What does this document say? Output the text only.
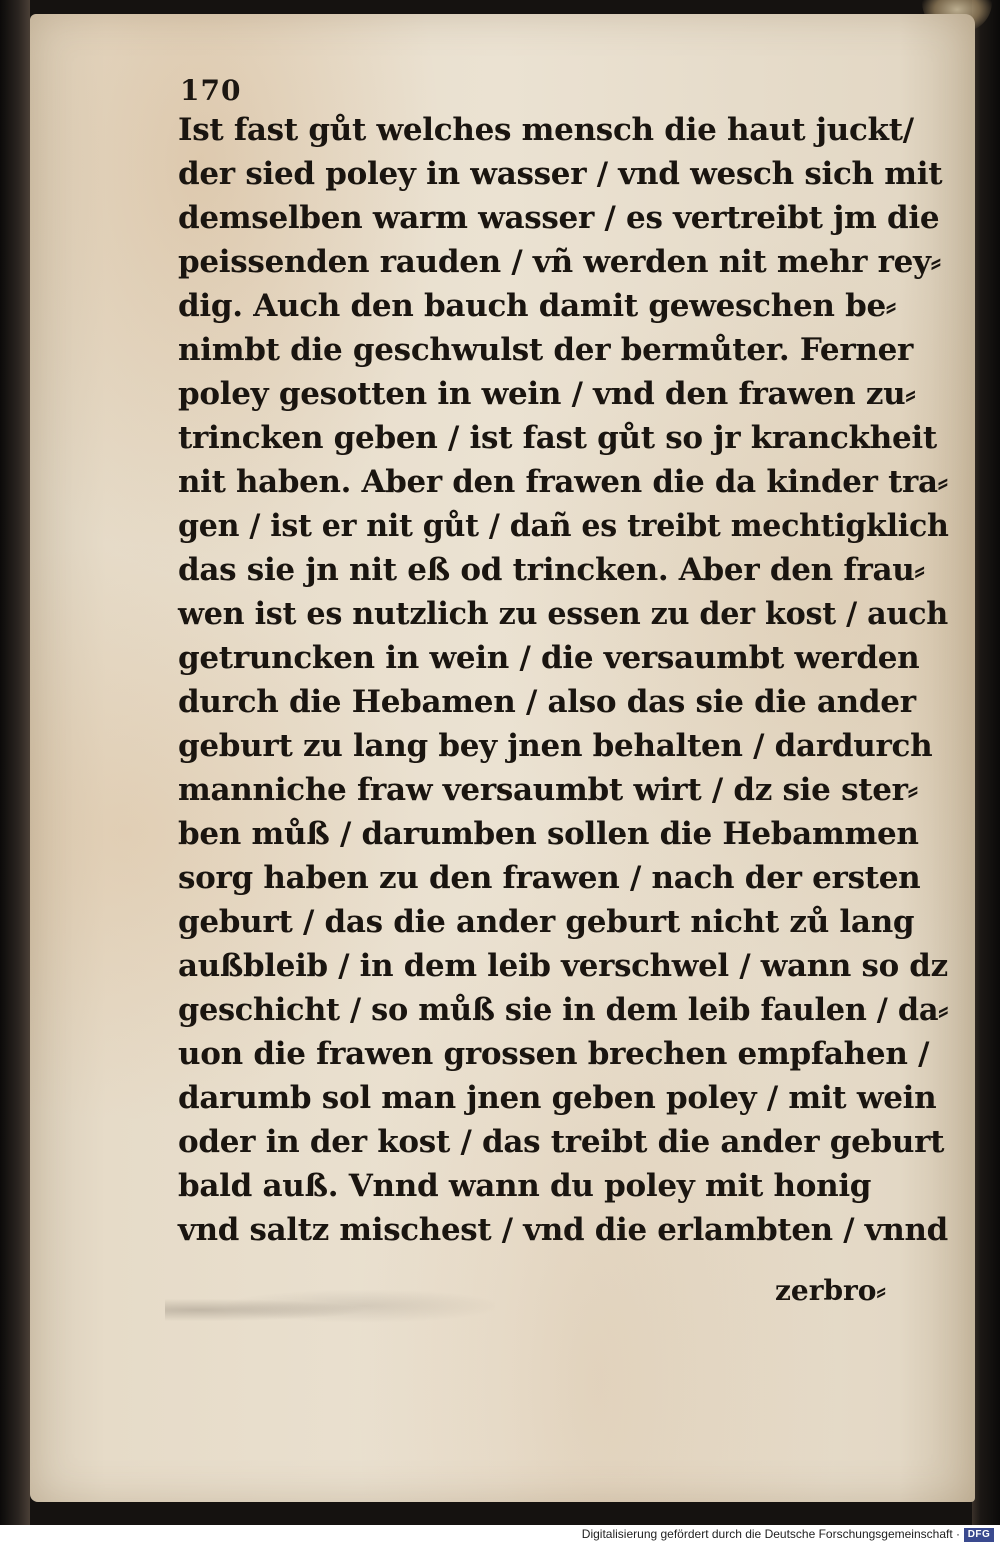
170
Ist fast gůt welches mensch die haut juckt/
der sied poley in wasser / vnd wesch sich mit
demselben warm wasser / es vertreibt jm die
peissenden rauden / vñ werden nit mehr rey⸗
dig. Auch den bauch damit geweschen be⸗
nimbt die geschwulst der bermůter. Ferner
poley gesotten in wein / vnd den frawen zu⸗
trincken geben / ist fast gůt so jr kranckheit
nit haben. Aber den frawen die da kinder tra⸗
gen / ist er nit gůt / dañ es treibt mechtigklich
das sie jn nit eß od trincken. Aber den frau⸗
wen ist es nutzlich zu essen zu der kost / auch
getruncken in wein / die versaumbt werden
durch die Hebamen / also das sie die ander
geburt zu lang bey jnen behalten / dardurch
manniche fraw versaumbt wirt / dz sie ster⸗
ben můß / darumben sollen die Hebammen
sorg haben zu den frawen / nach der ersten
geburt / das die ander geburt nicht zů lang
außbleib / in dem leib verschwel / wann so dz
geschicht / so můß sie in dem leib faulen / da⸗
uon die frawen grossen brechen empfahen /
darumb sol man jnen geben poley / mit wein
oder in der kost / das treibt die ander geburt
bald auß. Vnnd wann du poley mit honig
vnd saltz mischest / vnd die erlambten / vnnd
zerbro⸗
Digitalisierung gefördert durch die Deutsche Forschungsgemeinschaft · DFG
